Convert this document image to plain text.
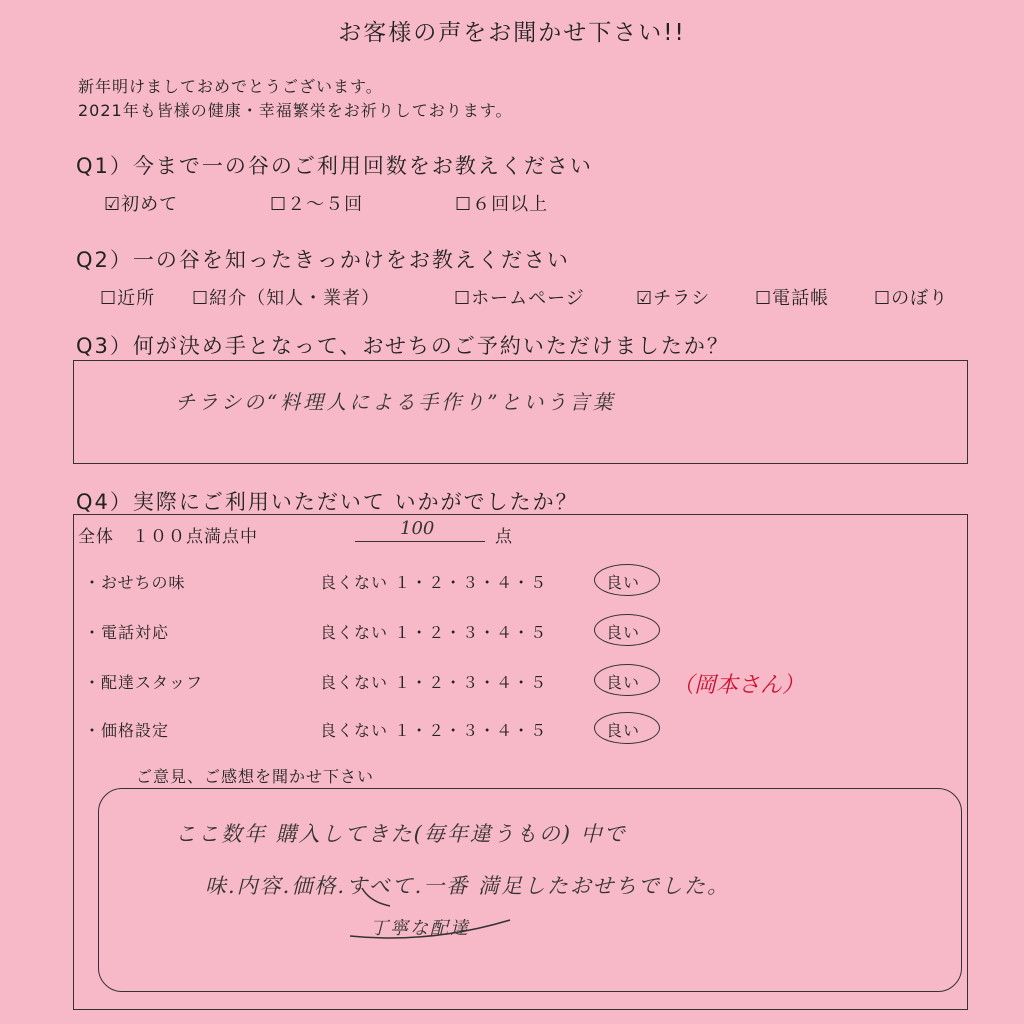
お客様の声をお聞かせ下さい!!
新年明けましておめでとうございます。
2021年も皆様の健康・幸福繁栄をお祈りしております。
Q1）今まで一の谷のご利用回数をお教えください
☑初めて	☐２～５回	☐６回以上
Q2）一の谷を知ったきっかけをお教えください
☐近所 ☐紹介（知人・業者）	☐ホームページ	☑チラシ ☐電話帳 ☐のぼり
Q3）何が決め手となって、おせちのご予約いただけましたか？
チラシの“料理人による手作り”という言葉
Q4）実際にご利用いただいて いかがでしたか？
全体　１００点満点中	100	点
・おせちの味	良くない １・２・３・４・５	良い
・電話対応	良くない １・２・３・４・５	良い
・配達スタッフ	良くない １・２・３・４・５	良い （岡本さん）
・価格設定	良くない １・２・３・４・５	良い
ご意見、ご感想を聞かせ下さい
ここ数年 購入してきた(毎年違うもの) 中で
味.内容.価格.すべて.一番 満足したおせちでした。
丁寧な配達
